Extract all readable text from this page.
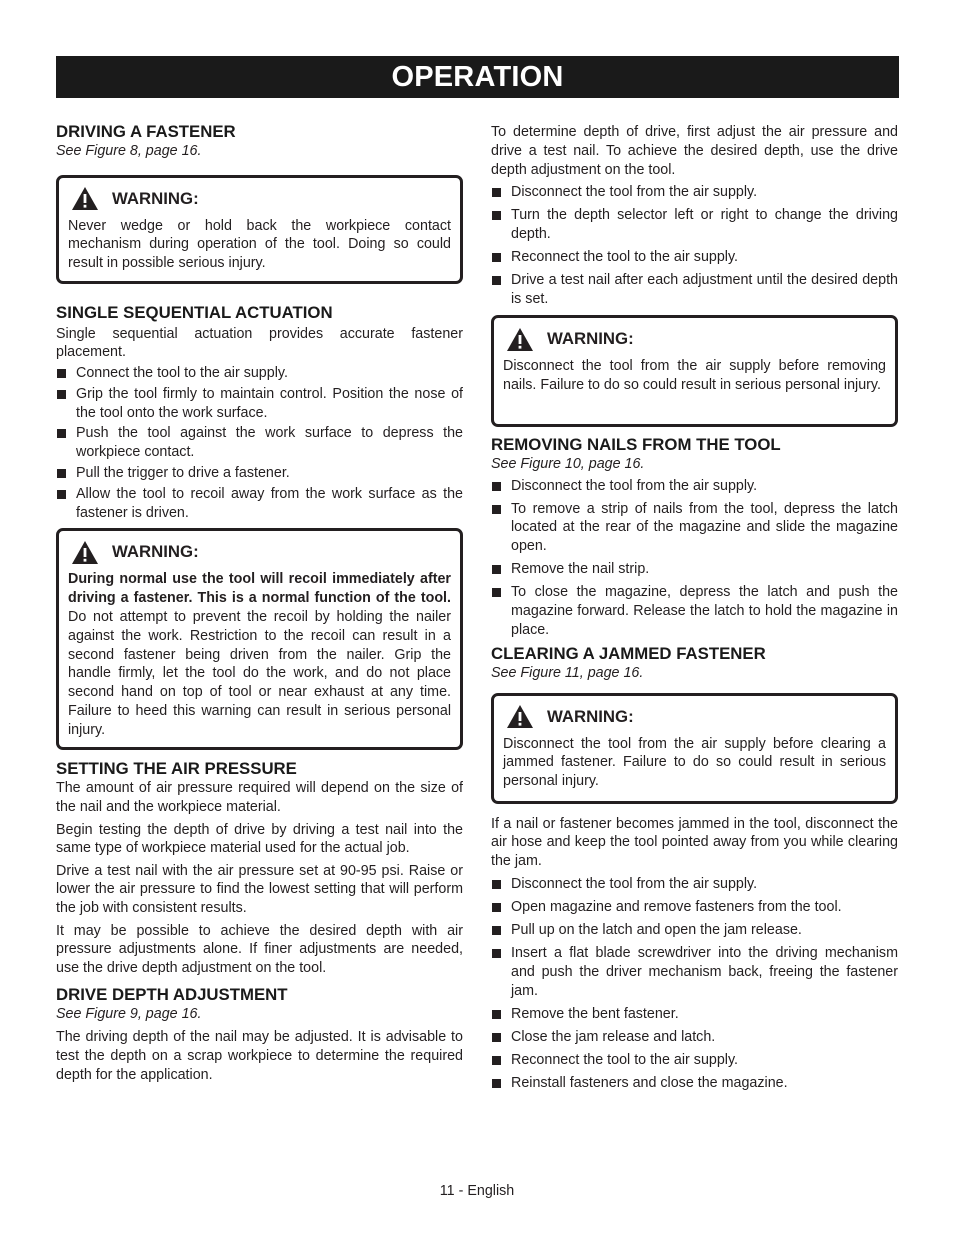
OPERATION
DRIVING A FASTENER

See Figure 8, page 16.

WARNING:

Never wedge or hold back the workpiece contact mechanism during operation of the tool. Doing so could result in possible serious injury.

SINGLE SEQUENTIAL ACTUATION

Single sequential actuation provides accurate fastener placement.

Connect the tool to the air supply.
Grip the tool firmly to maintain control. Position the nose of the tool onto the work surface.
Push the tool against the work surface to depress the workpiece contact.
Pull the trigger to drive a fastener.
Allow the tool to recoil away from the work surface as the fastener is driven.
WARNING:

During normal use the tool will recoil immediately after driving a fastener. This is a normal function of the tool. Do not attempt to prevent the recoil by holding the nailer against the work. Restriction to the recoil can result in a second fastener being driven from the nailer. Grip the handle firmly, let the tool do the work, and do not place second hand on top of tool or near exhaust at any time. Failure to heed this warning can result in serious personal injury.

SETTING THE AIR PRESSURE

The amount of air pressure required will depend on the size of the nail and the workpiece material.

Begin testing the depth of drive by driving a test nail into the same type of workpiece material used for the actual job.

Drive a test nail with the air pressure set at 90-95 psi. Raise or lower the air pressure to find the lowest setting that will perform the job with consistent results.

It may be possible to achieve the desired depth with air pressure adjustments alone. If finer adjustments are needed, use the drive depth adjustment on the tool.

DRIVE DEPTH ADJUSTMENT

See Figure 9, page 16.

The driving depth of the nail may be adjusted. It is advisable to test the depth on a scrap workpiece to determine the required depth for the application.

To determine depth of drive, first adjust the air pressure and drive a test nail. To achieve the desired depth, use the drive depth adjustment on the tool.

Disconnect the tool from the air supply.
Turn the depth selector left or right to change the driving depth.
Reconnect the tool to the air supply.
Drive a test nail after each adjustment until the desired depth is set.
WARNING:

Disconnect the tool from the air supply before removing nails. Failure to do so could result in serious personal injury.

REMOVING NAILS FROM THE TOOL

See Figure 10, page 16.

Disconnect the tool from the air supply.
To remove a strip of nails from the tool, depress the latch located at the rear of the magazine and slide the magazine open.
Remove the nail strip.
To close the magazine, depress the latch and push the magazine forward. Release the latch to hold the magazine in place.
CLEARING A JAMMED FASTENER

See Figure 11, page 16.

WARNING:

Disconnect the tool from the air supply before clearing a jammed fastener. Failure to do so could result in serious personal injury.

If a nail or fastener becomes jammed in the tool, disconnect the air hose and keep the tool pointed away from you while clearing the jam.

Disconnect the tool from the air supply.
Open magazine and remove fasteners from the tool.
Pull up on the latch and open the jam release.
Insert a flat blade screwdriver into the driving mechanism and push the driver mechanism back, freeing the fastener jam.
Remove the bent fastener.
Close the jam release and latch.
Reconnect the tool to the air supply.
Reinstall fasteners and close the magazine.
11 - English
